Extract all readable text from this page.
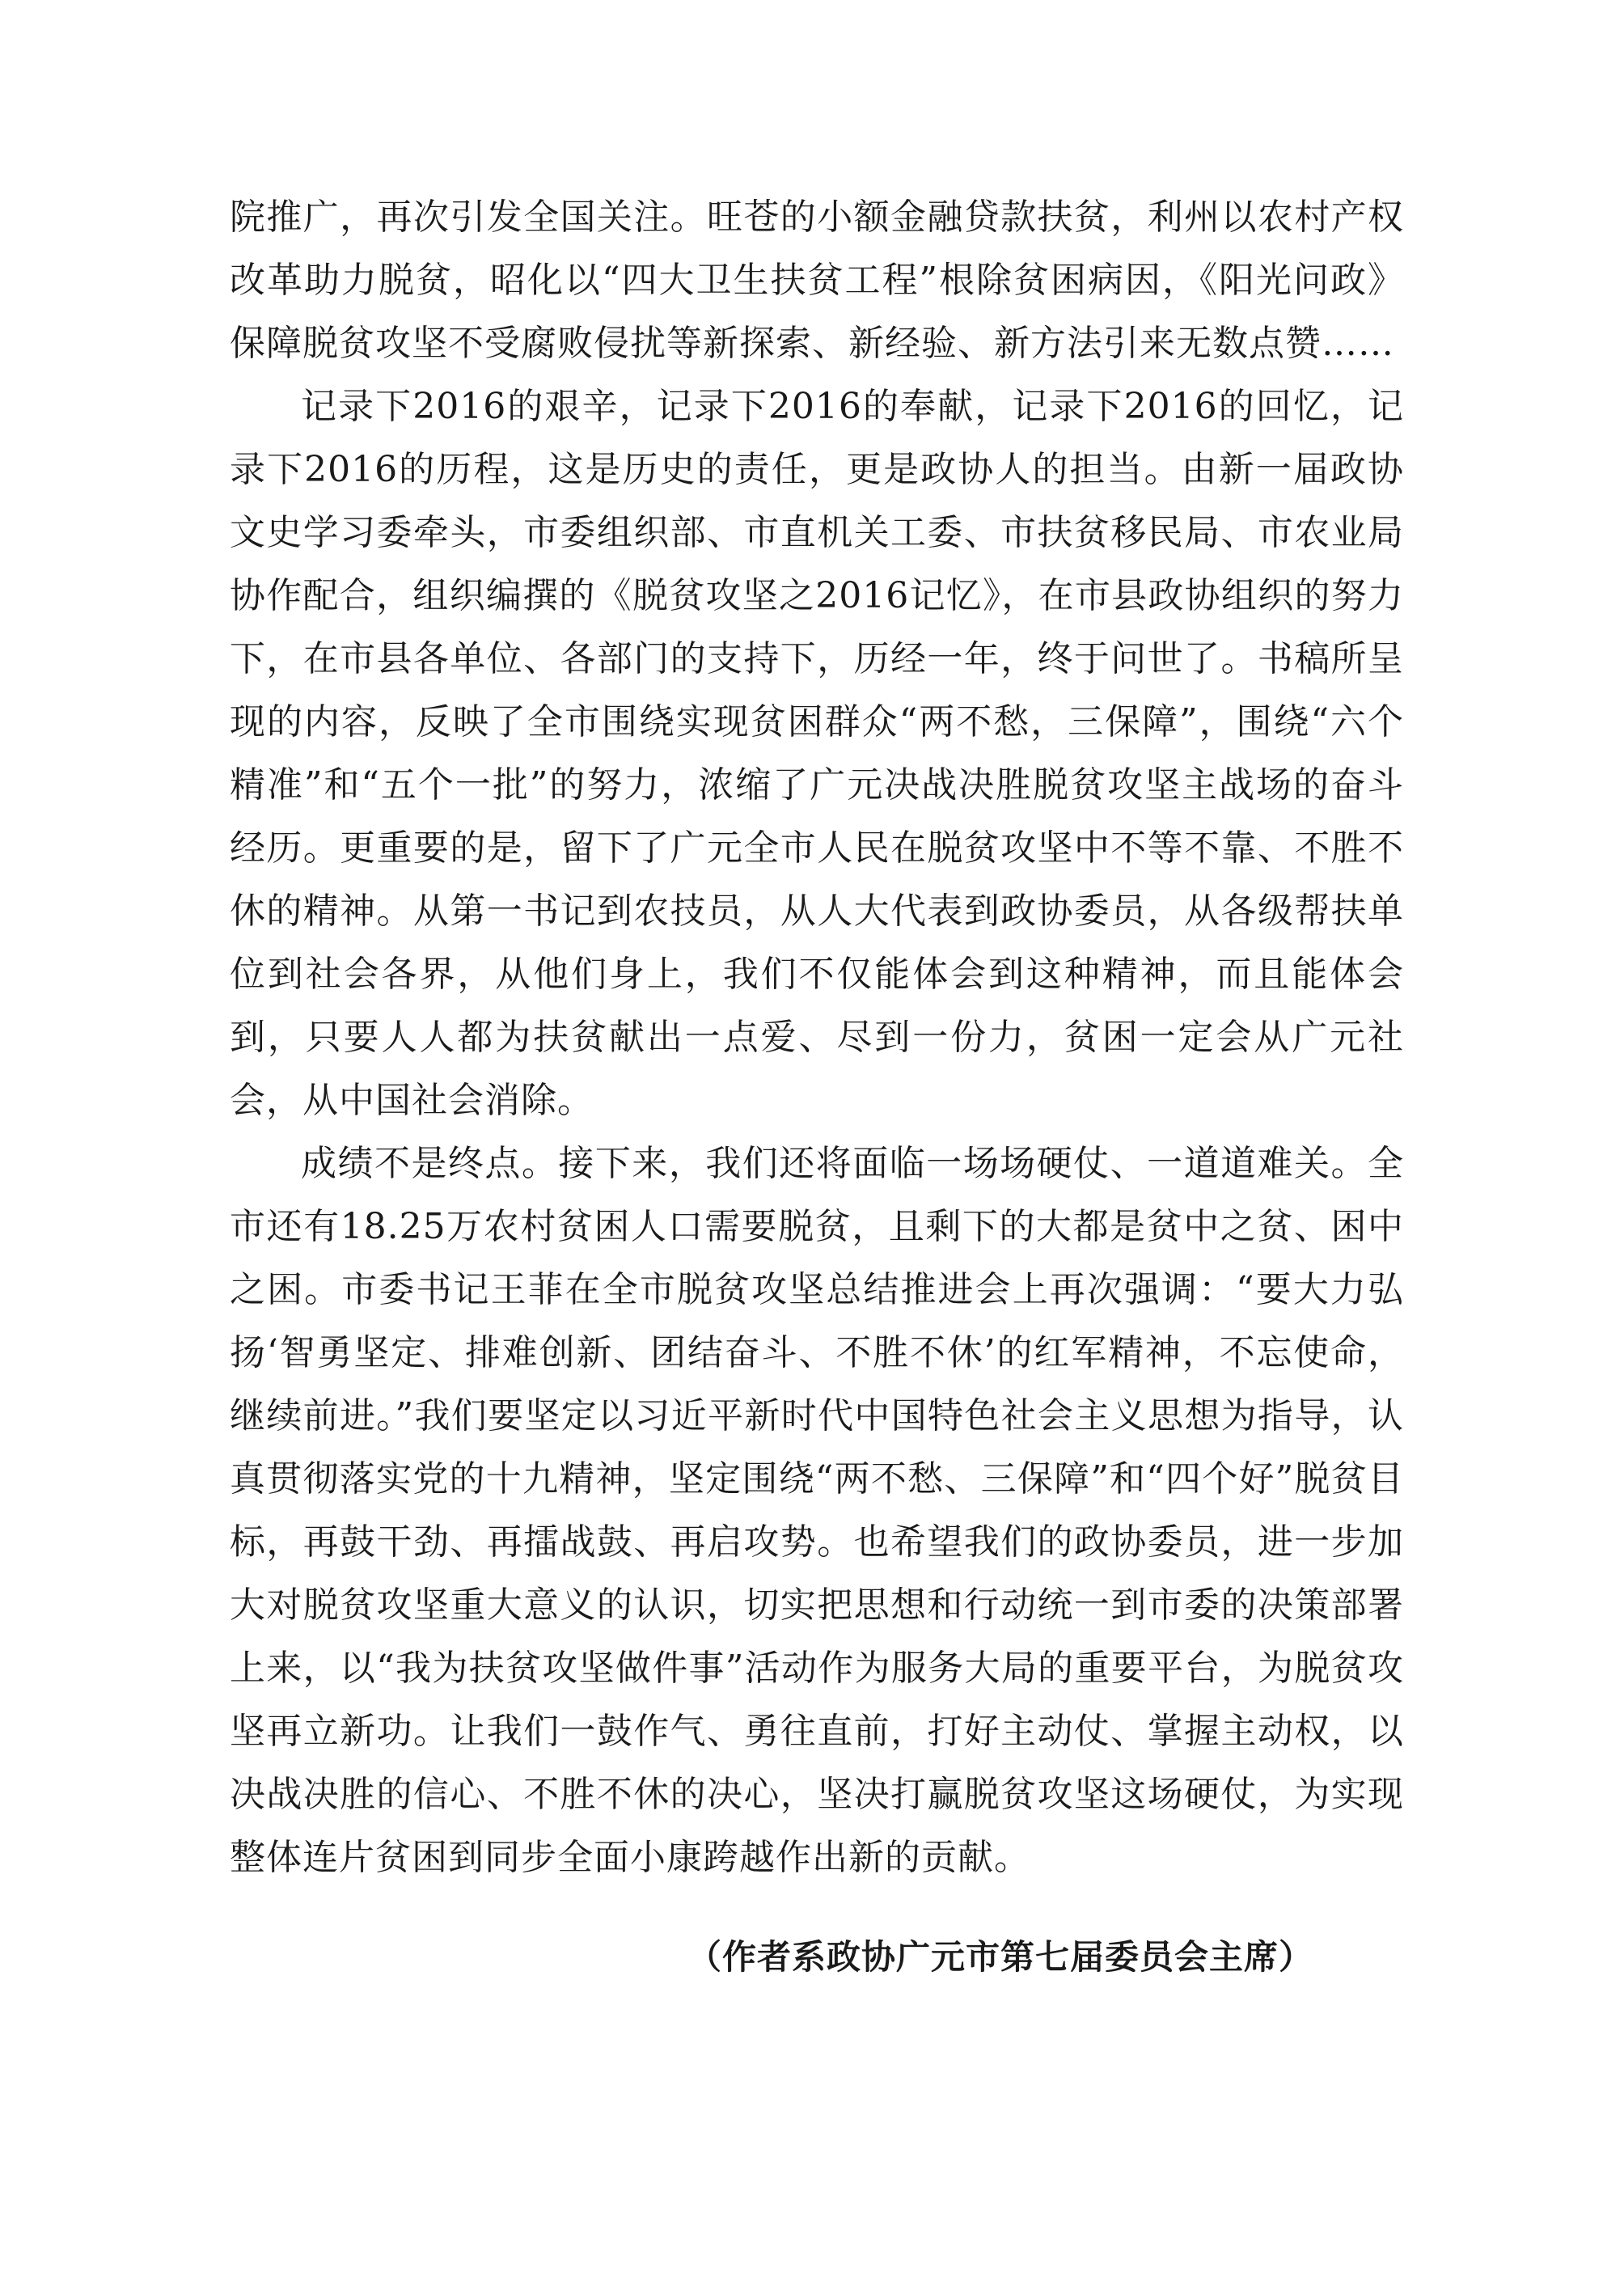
院推广，再次引发全国关注。旺苍的小额金融贷款扶贫，利州以农村产权改革助力脱贫，昭化以“四大卫生扶贫工程”根除贫困病因，《阳光问政》保障脱贫攻坚不受腐败侵扰等新探索、新经验、新方法引来无数点赞……

记录下2016的艰辛，记录下2016的奉献，记录下2016的回忆，记录下2016的历程，这是历史的责任，更是政协人的担当。由新一届政协文史学习委牵头，市委组织部、市直机关工委、市扶贫移民局、市农业局协作配合，组织编撰的《脱贫攻坚之2016记忆》，在市县政协组织的努力下，在市县各单位、各部门的支持下，历经一年，终于问世了。书稿所呈现的内容，反映了全市围绕实现贫困群众“两不愁，三保障”，围绕“六个精准”和“五个一批”的努力，浓缩了广元决战决胜脱贫攻坚主战场的奋斗经历。更重要的是，留下了广元全市人民在脱贫攻坚中不等不靠、不胜不休的精神。从第一书记到农技员，从人大代表到政协委员，从各级帮扶单位到社会各界，从他们身上，我们不仅能体会到这种精神，而且能体会到，只要人人都为扶贫献出一点爱、尽到一份力，贫困一定会从广元社会，从中国社会消除。

成绩不是终点。接下来，我们还将面临一场场硬仗、一道道难关。全市还有18.25万农村贫困人口需要脱贫，且剩下的大都是贫中之贫、困中之困。市委书记王菲在全市脱贫攻坚总结推进会上再次强调：“要大力弘扬‘智勇坚定、排难创新、团结奋斗、不胜不休’的红军精神，不忘使命，继续前进。”我们要坚定以习近平新时代中国特色社会主义思想为指导，认真贯彻落实党的十九精神，坚定围绕“两不愁、三保障”和“四个好”脱贫目标，再鼓干劲、再擂战鼓、再启攻势。也希望我们的政协委员，进一步加大对脱贫攻坚重大意义的认识，切实把思想和行动统一到市委的决策部署上来，以“我为扶贫攻坚做件事”活动作为服务大局的重要平台，为脱贫攻坚再立新功。让我们一鼓作气、勇往直前，打好主动仗、掌握主动权，以决战决胜的信心、不胜不休的决心，坚决打赢脱贫攻坚这场硬仗，为实现整体连片贫困到同步全面小康跨越作出新的贡献。

（作者系政协广元市第七届委员会主席）
